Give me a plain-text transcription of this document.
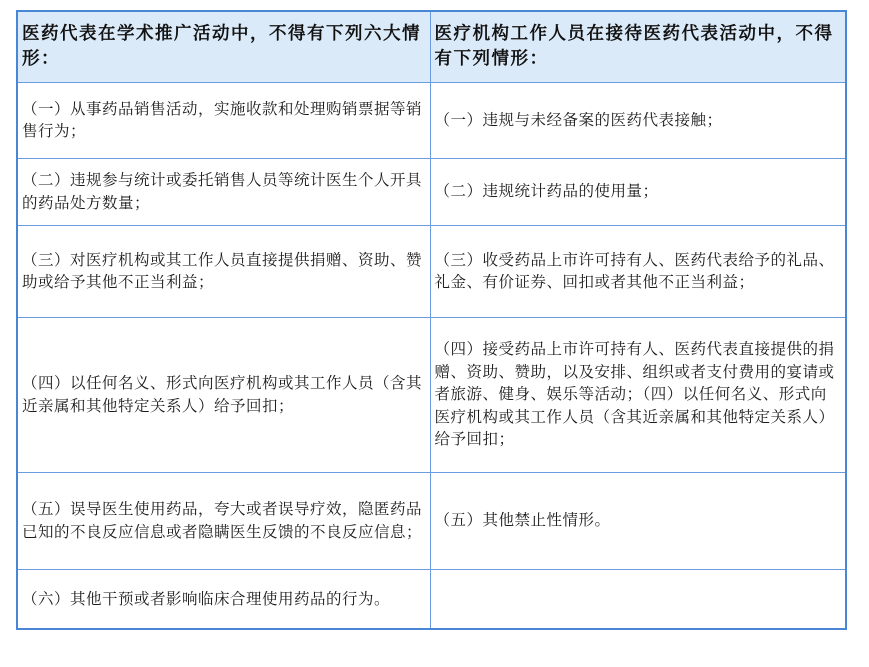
医药代表在学术推广活动中，不得有下列六大情形：	医疗机构工作人员在接待医药代表活动中，不得有下列情形：
（一）从事药品销售活动，实施收款和处理购销票据等销售行为；	（一）违规与未经备案的医药代表接触；
（二）违规参与统计或委托销售人员等统计医生个人开具的药品处方数量；	（二）违规统计药品的使用量；
（三）对医疗机构或其工作人员直接提供捐赠、资助、赞助或给予其他不正当利益；	（三）收受药品上市许可持有人、医药代表给予的礼品、礼金、有价证券、回扣或者其他不正当利益；
（四）以任何名义、形式向医疗机构或其工作人员（含其近亲属和其他特定关系人）给予回扣；	（四）接受药品上市许可持有人、医药代表直接提供的捐赠、资助、赞助，以及安排、组织或者支付费用的宴请或者旅游、健身、娱乐等活动；（四）以任何名义、形式向医疗机构或其工作人员（含其近亲属和其他特定关系人）给予回扣；
（五）误导医生使用药品，夸大或者误导疗效，隐匿药品已知的不良反应信息或者隐瞒医生反馈的不良反应信息；	（五）其他禁止性情形。
（六）其他干预或者影响临床合理使用药品的行为。	
